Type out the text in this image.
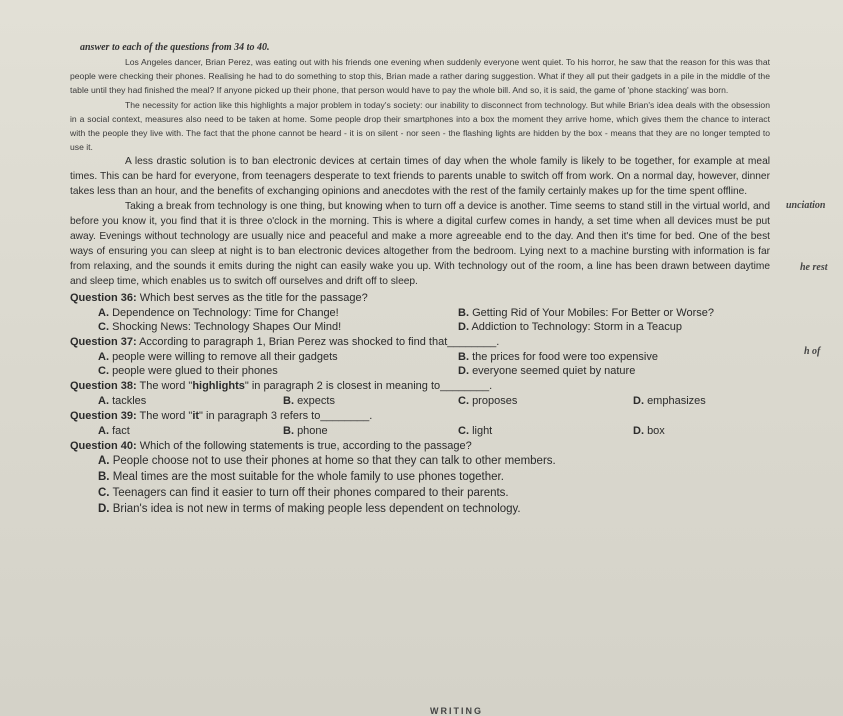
answer to each of the questions from 34 to 40.

Los Angeles dancer, Brian Perez, was eating out with his friends one evening when suddenly everyone went quiet. To his horror, he saw that the reason for this was that people were checking their phones. Realising he had to do something to stop this, Brian made a rather daring suggestion. What if they all put their gadgets in a pile in the middle of the table until they had finished the meal? If anyone picked up their phone, that person would have to pay the whole bill. And so, it is said, the game of 'phone stacking' was born.

The necessity for action like this highlights a major problem in today's society: our inability to disconnect from technology. But while Brian's idea deals with the obsession in a social context, measures also need to be taken at home. Some people drop their smartphones into a box the moment they arrive home, which gives them the chance to interact with the people they live with. The fact that the phone cannot be heard - it is on silent - nor seen - the flashing lights are hidden by the box - means that they are no longer tempted to use it.

A less drastic solution is to ban electronic devices at certain times of day when the whole family is likely to be together, for example at meal times. This can be hard for everyone, from teenagers desperate to text friends to parents unable to switch off from work. On a normal day, however, dinner takes less than an hour, and the benefits of exchanging opinions and anecdotes with the rest of the family certainly makes up for the time spent offline.

Taking a break from technology is one thing, but knowing when to turn off a device is another. Time seems to stand still in the virtual world, and before you know it, you find that it is three o'clock in the morning. This is where a digital curfew comes in handy, a set time when all devices must be put away. Evenings without technology are usually nice and peaceful and make a more agreeable end to the day. And then it's time for bed. One of the best ways of ensuring you can sleep at night is to ban electronic devices altogether from the bedroom. Lying next to a machine bursting with information is far from relaxing, and the sounds it emits during the night can easily wake you up. With technology out of the room, a line has been drawn between daytime and sleep time, which enables us to switch off ourselves and drift off to sleep.

Question 36: Which best serves as the title for the passage?
A. Dependence on Technology: Time for Change!	B. Getting Rid of Your Mobiles: For Better or Worse?
C. Shocking News: Technology Shapes Our Mind!	D. Addiction to Technology: Storm in a Teacup
Question 37: According to paragraph 1, Brian Perez was shocked to find that________.
A. people were willing to remove all their gadgets	B. the prices for food were too expensive
C. people were glued to their phones	D. everyone seemed quiet by nature
Question 38: The word "highlights" in paragraph 2 is closest in meaning to________.
A. tackles	B. expects	C. proposes	D. emphasizes
Question 39: The word "it" in paragraph 3 refers to________.
A. fact	B. phone	C. light	D. box
Question 40: Which of the following statements is true, according to the passage?
A. People choose not to use their phones at home so that they can talk to other members.
B. Meal times are the most suitable for the whole family to use phones together.
C. Teenagers can find it easier to turn off their phones compared to their parents.
D. Brian's idea is not new in terms of making people less dependent on technology.
unciation
he rest
h of
WRITING
